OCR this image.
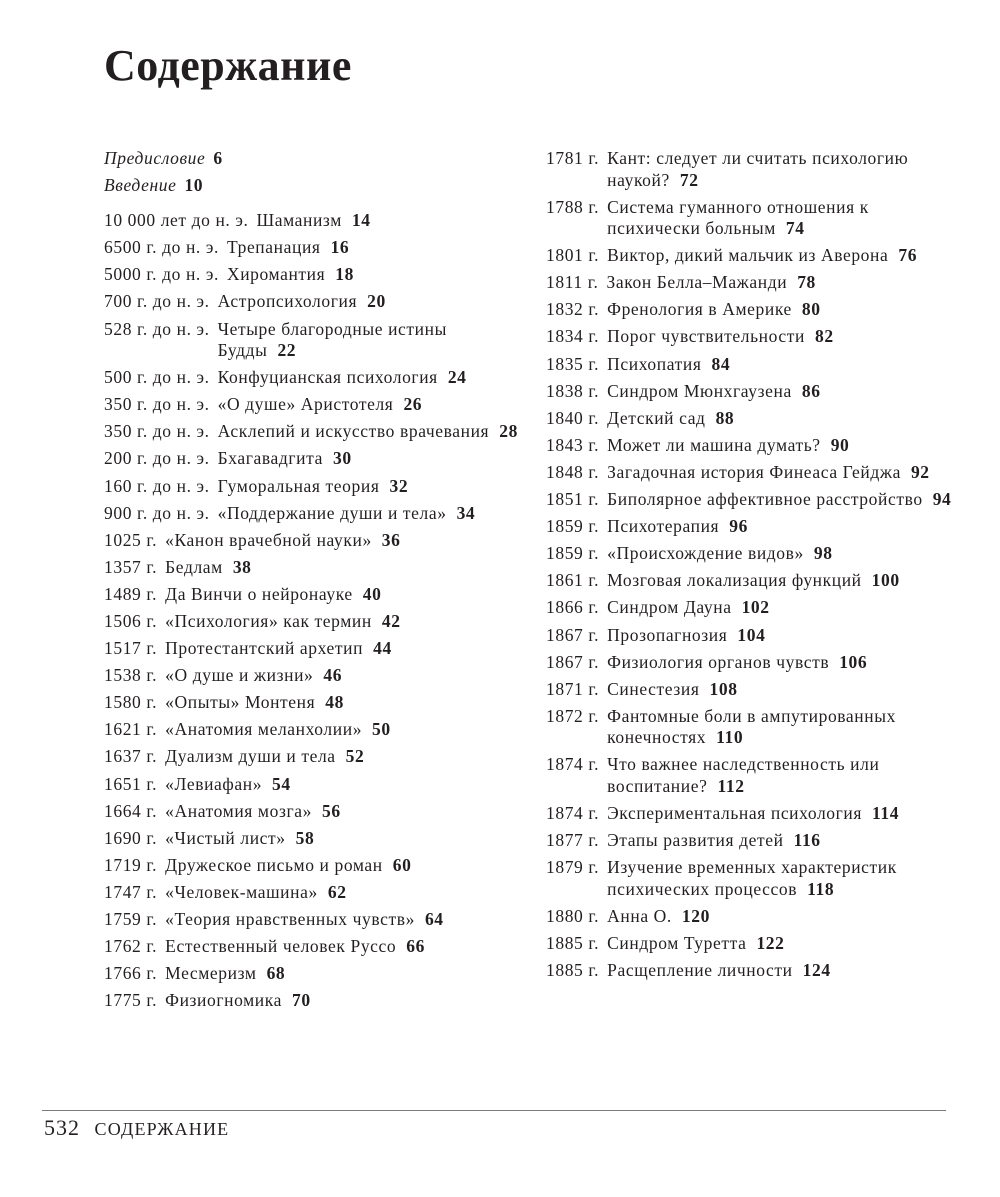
Содержание
Предисловие 6
Введение 10
10 000 лет до н. э. Шаманизм 14
6500 г. до н. э. Трепанация 16
5000 г. до н. э. Хиромантия 18
700 г. до н. э. Астропсихология 20
528 г. до н. э. Четыре благородные истины Будды 22
500 г. до н. э. Конфуцианская психология 24
350 г. до н. э. «О душе» Аристотеля 26
350 г. до н. э. Асклепий и искусство врачевания 28
200 г. до н. э. Бхагавадгита 30
160 г. до н. э. Гуморальная теория 32
900 г. до н. э. «Поддержание души и тела» 34
1025 г. «Канон врачебной науки» 36
1357 г. Бедлам 38
1489 г. Да Винчи о нейронауке 40
1506 г. «Психология» как термин 42
1517 г. Протестантский архетип 44
1538 г. «О душе и жизни» 46
1580 г. «Опыты» Монтеня 48
1621 г. «Анатомия меланхолии» 50
1637 г. Дуализм души и тела 52
1651 г. «Левиафан» 54
1664 г. «Анатомия мозга» 56
1690 г. «Чистый лист» 58
1719 г. Дружеское письмо и роман 60
1747 г. «Человек-машина» 62
1759 г. «Теория нравственных чувств» 64
1762 г. Естественный человек Руссо 66
1766 г. Месмеризм 68
1775 г. Физиогномика 70
1781 г. Кант: следует ли считать психологию наукой? 72
1788 г. Система гуманного отношения к психически больным 74
1801 г. Виктор, дикий мальчик из Аверона 76
1811 г. Закон Белла–Мажанди 78
1832 г. Френология в Америке 80
1834 г. Порог чувствительности 82
1835 г. Психопатия 84
1838 г. Синдром Мюнхгаузена 86
1840 г. Детский сад 88
1843 г. Может ли машина думать? 90
1848 г. Загадочная история Финеаса Гейджа 92
1851 г. Биполярное аффективное расстройство 94
1859 г. Психотерапия 96
1859 г. «Происхождение видов» 98
1861 г. Мозговая локализация функций 100
1866 г. Синдром Дауна 102
1867 г. Прозопагнозия 104
1867 г. Физиология органов чувств 106
1871 г. Синестезия 108
1872 г. Фантомные боли в ампутированных конечностях 110
1874 г. Что важнее наследственность или воспитание? 112
1874 г. Экспериментальная психология 114
1877 г. Этапы развития детей 116
1879 г. Изучение временных характеристик психических процессов 118
1880 г. Анна О. 120
1885 г. Синдром Туретта 122
1885 г. Расщепление личности 124
532 СОДЕРЖАНИЕ
